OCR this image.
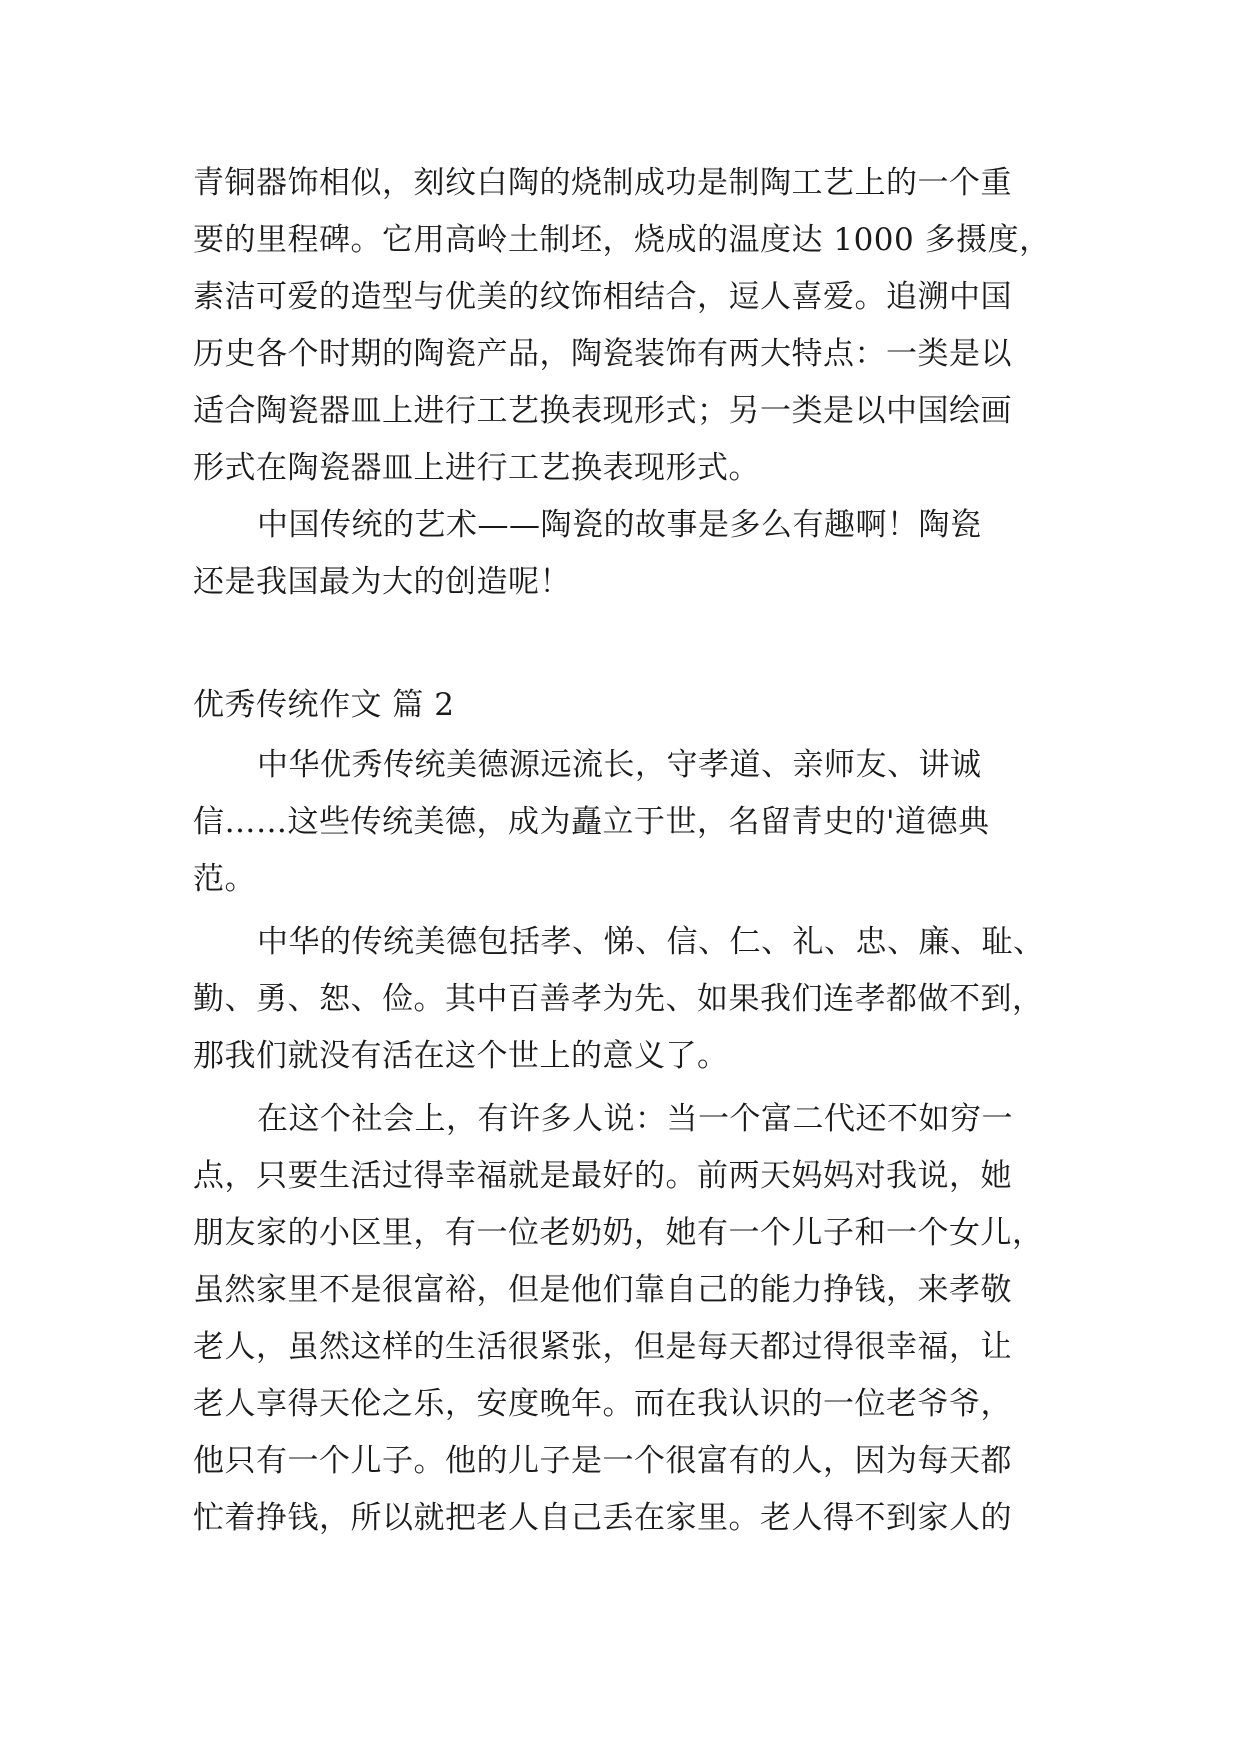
青铜器饰相似，刻纹白陶的烧制成功是制陶工艺上的一个重
要的里程碑。它用高岭土制坯，烧成的温度达 1000 多摄度，
素洁可爱的造型与优美的纹饰相结合，逗人喜爱。追溯中国
历史各个时期的陶瓷产品，陶瓷装饰有两大特点：一类是以
适合陶瓷器皿上进行工艺换表现形式；另一类是以中国绘画
形式在陶瓷器皿上进行工艺换表现形式。
中国传统的艺术——陶瓷的故事是多么有趣啊！陶瓷
还是我国最为大的创造呢！
优秀传统作文 篇 2
中华优秀传统美德源远流长，守孝道、亲师友、讲诚
信……这些传统美德，成为矗立于世，名留青史的'道德典
范。
中华的传统美德包括孝、悌、信、仁、礼、忠、廉、耻、
勤、勇、恕、俭。其中百善孝为先、如果我们连孝都做不到，
那我们就没有活在这个世上的意义了。
在这个社会上，有许多人说：当一个富二代还不如穷一
点，只要生活过得幸福就是最好的。前两天妈妈对我说，她
朋友家的小区里，有一位老奶奶，她有一个儿子和一个女儿，
虽然家里不是很富裕，但是他们靠自己的能力挣钱，来孝敬
老人，虽然这样的生活很紧张，但是每天都过得很幸福，让
老人享得天伦之乐，安度晚年。而在我认识的一位老爷爷，
他只有一个儿子。他的儿子是一个很富有的人，因为每天都
忙着挣钱，所以就把老人自己丢在家里。老人得不到家人的
